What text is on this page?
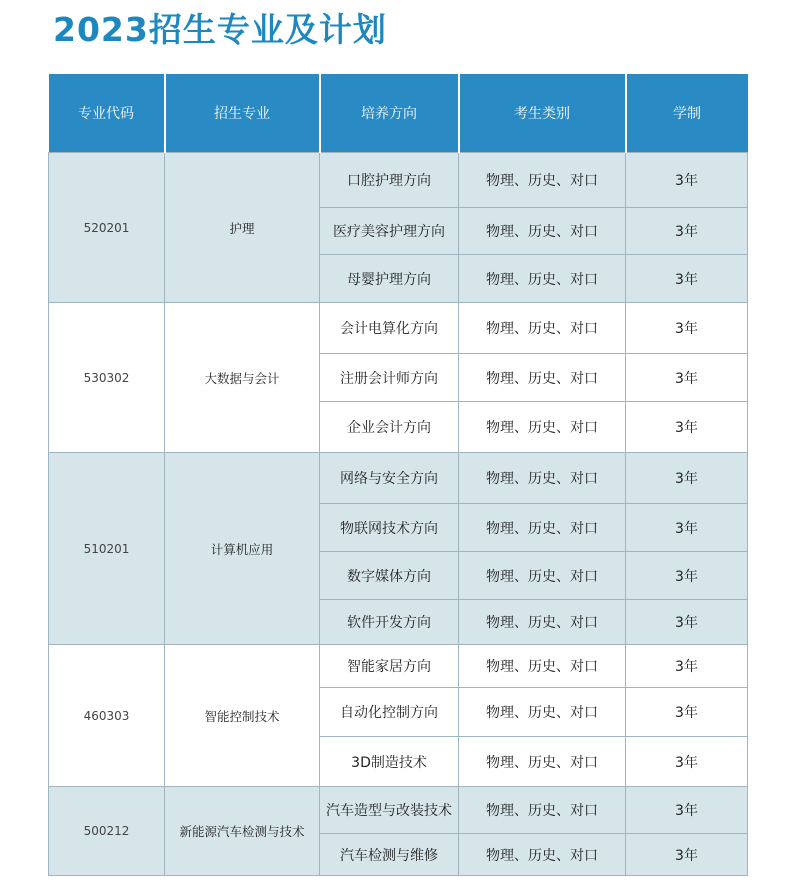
2023招生专业及计划
专业代码	招生专业	培养方向	考生类别	学制
520201	护理	口腔护理方向	物理、历史、对口	3年
		医疗美容护理方向	物理、历史、对口	3年
		母婴护理方向	物理、历史、对口	3年
530302	大数据与会计	会计电算化方向	物理、历史、对口	3年
		注册会计师方向	物理、历史、对口	3年
		企业会计方向	物理、历史、对口	3年
510201	计算机应用	网络与安全方向	物理、历史、对口	3年
		物联网技术方向	物理、历史、对口	3年
		数字媒体方向	物理、历史、对口	3年
		软件开发方向	物理、历史、对口	3年
460303	智能控制技术	智能家居方向	物理、历史、对口	3年
		自动化控制方向	物理、历史、对口	3年
		3D制造技术	物理、历史、对口	3年
500212	新能源汽车检测与技术	汽车造型与改装技术	物理、历史、对口	3年
		汽车检测与维修	物理、历史、对口	3年
